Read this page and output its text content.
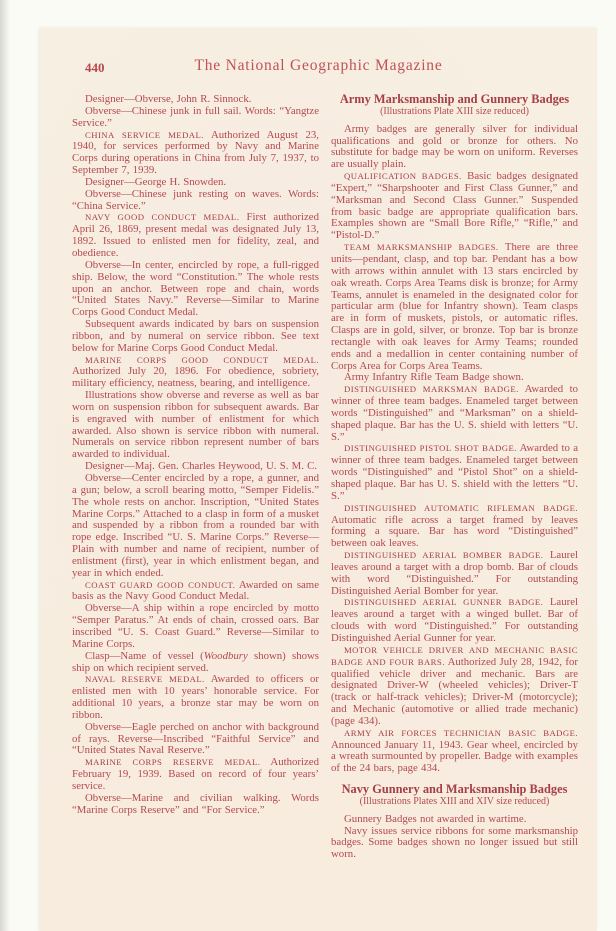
440	The National Geographic Magazine

Designer—Obverse, John R. Sinnock.

Obverse—Chinese junk in full sail. Words: “Yangtze Service.”

CHINA SERVICE MEDAL. Authorized August 23, 1940, for services performed by Navy and Marine Corps during operations in China from July 7, 1937, to September 7, 1939.

Designer—George H. Snowden.

Obverse—Chinese junk resting on waves. Words: “China Service.”

NAVY GOOD CONDUCT MEDAL. First authorized April 26, 1869, present medal was designated July 13, 1892. Issued to enlisted men for fidelity, zeal, and obedience.

Obverse—In center, encircled by rope, a full-rigged ship. Below, the word “Constitution.” The whole rests upon an anchor. Between rope and chain, words “United States Navy.” Reverse—Similar to Marine Corps Good Conduct Medal.

Subsequent awards indicated by bars on suspension ribbon, and by numeral on service ribbon. See text below for Marine Corps Good Conduct Medal.

MARINE CORPS GOOD CONDUCT MEDAL. Authorized July 20, 1896. For obedience, sobriety, military efficiency, neatness, bearing, and intelligence.

Illustrations show obverse and reverse as well as bar worn on suspension ribbon for subsequent awards. Bar is engraved with number of enlistment for which awarded. Also shown is service ribbon with numeral. Numerals on service ribbon represent number of bars awarded to individual.

Designer—Maj. Gen. Charles Heywood, U. S. M. C.

Obverse—Center encircled by a rope, a gunner, and a gun; below, a scroll bearing motto, “Semper Fidelis.” The whole rests on anchor. Inscription, “United States Marine Corps.” Attached to a clasp in form of a musket and suspended by a ribbon from a rounded bar with rope edge. Inscribed “U. S. Marine Corps.” Reverse—Plain with number and name of recipient, number of enlistment (first), year in which enlistment began, and year in which ended.

COAST GUARD GOOD CONDUCT. Awarded on same basis as the Navy Good Conduct Medal.

Obverse—A ship within a rope encircled by motto “Semper Paratus.” At ends of chain, crossed oars. Bar inscribed “U. S. Coast Guard.” Reverse—Similar to Marine Corps.

Clasp—Name of vessel (Woodbury shown) shows ship on which recipient served.

NAVAL RESERVE MEDAL. Awarded to officers or enlisted men with 10 years’ honorable service. For additional 10 years, a bronze star may be worn on ribbon.

Obverse—Eagle perched on anchor with background of rays. Reverse—Inscribed “Faithful Service” and “United States Naval Reserve.”

MARINE CORPS RESERVE MEDAL. Authorized February 19, 1939. Based on record of four years’ service.

Obverse—Marine and civilian walking. Words “Marine Corps Reserve” and “For Service.”

Army Marksmanship and Gunnery Badges

(Illustrations Plate XIII size reduced)

Army badges are generally silver for individual qualifications and gold or bronze for others. No substitute for badge may be worn on uniform. Reverses are usually plain.

QUALIFICATION BADGES. Basic badges designated “Expert,” “Sharpshooter and First Class Gunner,” and “Marksman and Second Class Gunner.” Suspended from basic badge are appropriate qualification bars. Examples shown are “Small Bore Rifle,” “Rifle,” and “Pistol-D.”

TEAM MARKSMANSHIP BADGES. There are three units—pendant, clasp, and top bar. Pendant has a bow with arrows within annulet with 13 stars encircled by oak wreath. Corps Area Teams disk is bronze; for Army Teams, annulet is enameled in the designated color for particular arm (blue for Infantry shown). Team clasps are in form of muskets, pistols, or automatic rifles. Clasps are in gold, silver, or bronze. Top bar is bronze rectangle with oak leaves for Army Teams; rounded ends and a medallion in center containing number of Corps Area for Corps Area Teams.

Army Infantry Rifle Team Badge shown.

DISTINGUISHED MARKSMAN BADGE. Awarded to winner of three team badges. Enameled target between words “Distinguished” and “Marksman” on a shield-shaped plaque. Bar has the U. S. shield with letters “U. S.”

DISTINGUISHED PISTOL SHOT BADGE. Awarded to a winner of three team badges. Enameled target between words “Distinguished” and “Pistol Shot” on a shield-shaped plaque. Bar has U. S. shield with the letters “U. S.”

DISTINGUISHED AUTOMATIC RIFLEMAN BADGE. Automatic rifle across a target framed by leaves forming a square. Bar has word “Distinguished” between oak leaves.

DISTINGUISHED AERIAL BOMBER BADGE. Laurel leaves around a target with a drop bomb. Bar of clouds with word “Distinguished.” For outstanding Distinguished Aerial Bomber for year.

DISTINGUISHED AERIAL GUNNER BADGE. Laurel leaves around a target with a winged bullet. Bar of clouds with word “Distinguished.” For outstanding Distinguished Aerial Gunner for year.

MOTOR VEHICLE DRIVER AND MECHANIC BASIC BADGE AND FOUR BARS. Authorized July 28, 1942, for qualified vehicle driver and mechanic. Bars are designated Driver-W (wheeled vehicles); Driver-T (track or half-track vehicles); Driver-M (motorcycle); and Mechanic (automotive or allied trade mechanic) (page 434).

ARMY AIR FORCES TECHNICIAN BASIC BADGE. Announced January 11, 1943. Gear wheel, encircled by a wreath surmounted by propeller. Badge with examples of the 24 bars, page 434.

Navy Gunnery and Marksmanship Badges

(Illustrations Plates XIII and XIV size reduced)

Gunnery Badges not awarded in wartime.

Navy issues service ribbons for some marksmanship badges. Some badges shown no longer issued but still worn.
